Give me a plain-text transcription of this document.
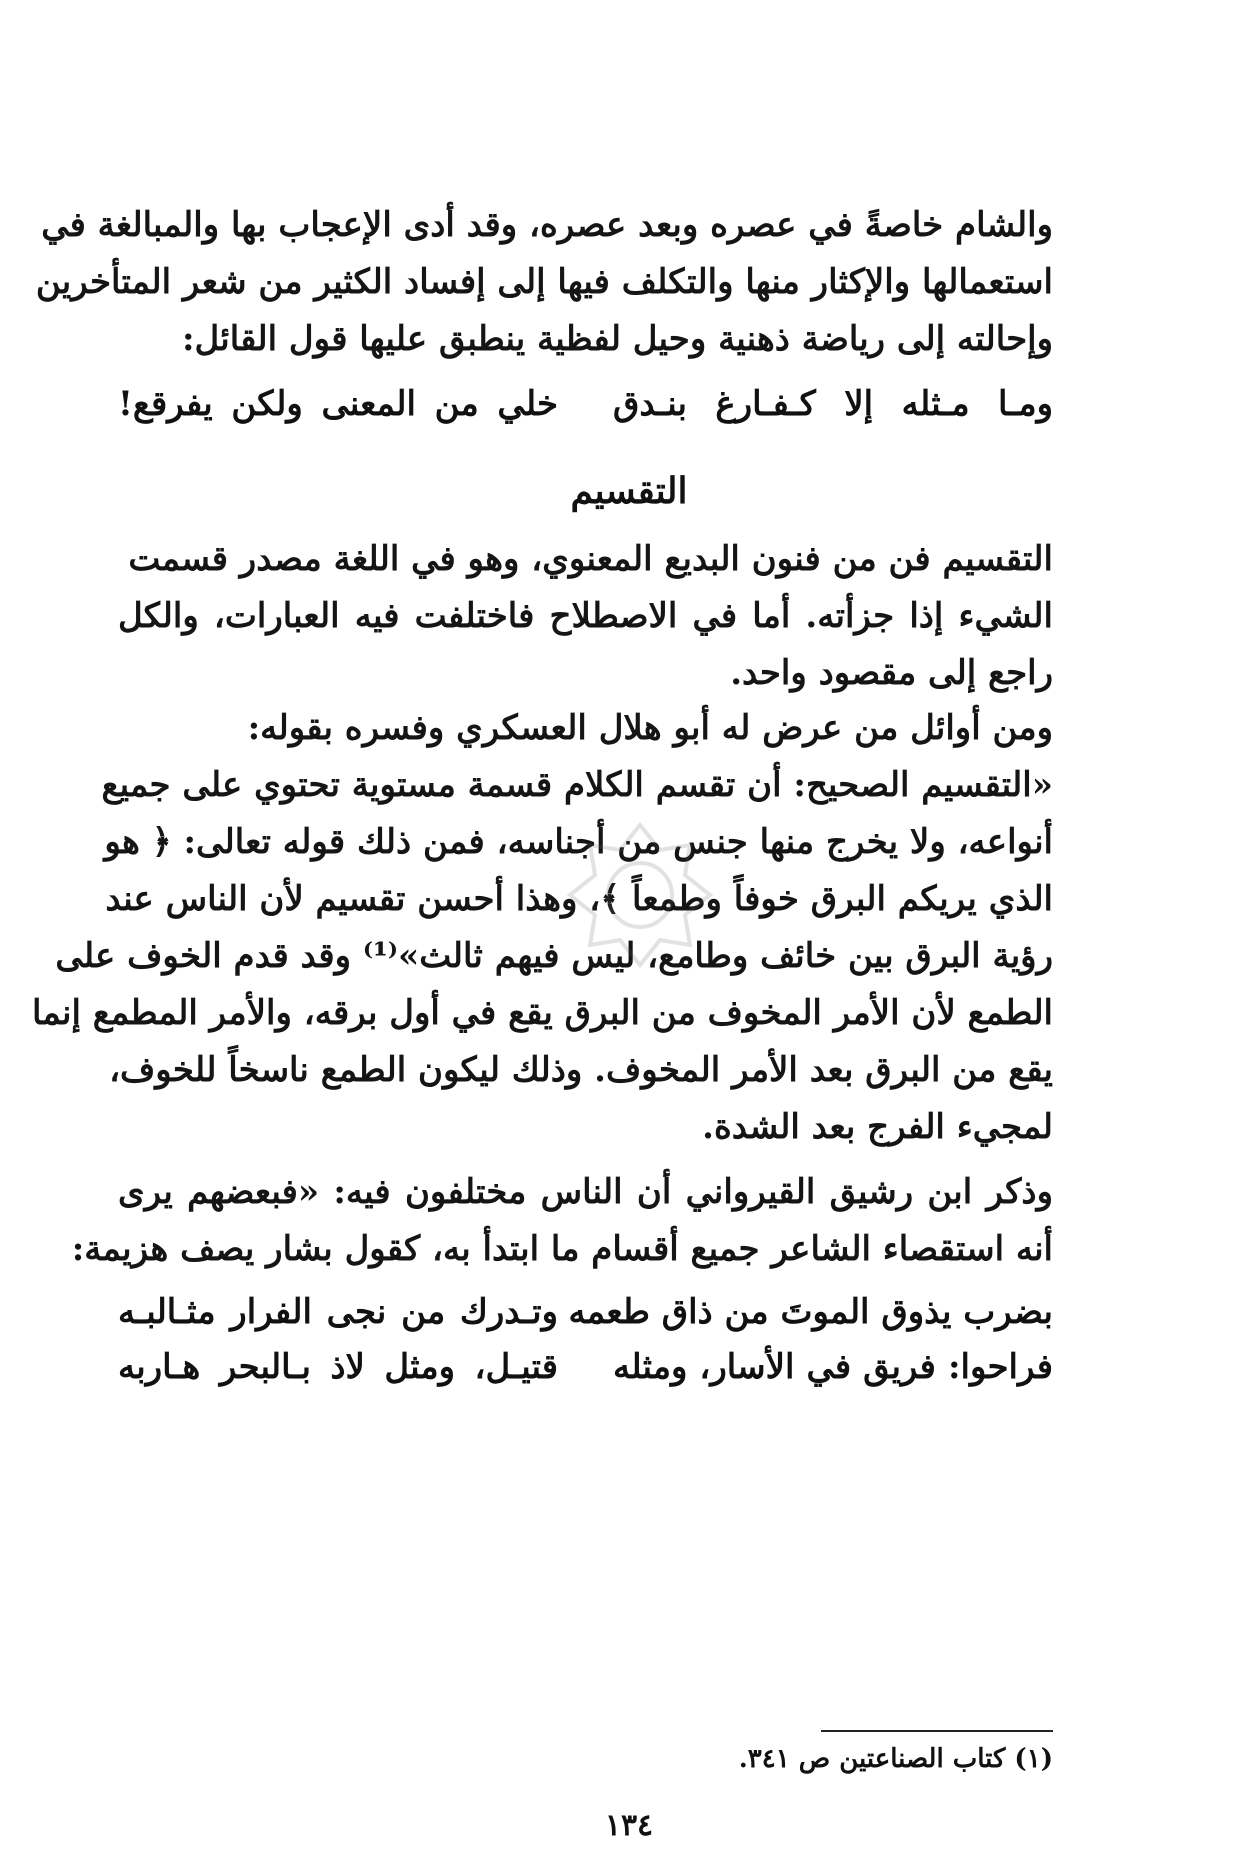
والشام خاصةً في عصره وبعد عصره، وقد أدى الإعجاب بها والمبالغة في
استعمالها والإكثار منها والتكلف فيها إلى إفساد الكثير من شعر المتأخرين
وإحالته إلى رياضة ذهنية وحيل لفظية ينطبق عليها قول القائل:
ومـا مـثله إلا كـفـارغ بنـدق
خلي من المعنى ولكن يفرقع!
التقسيم
التقسيم فن من فنون البديع المعنوي، وهو في اللغة مصدر قسمت
الشيء إذا جزأته. أما في الاصطلاح فاختلفت فيه العبارات، والكل
راجع إلى مقصود واحد.
ومن أوائل من عرض له أبو هلال العسكري وفسره بقوله:
«التقسيم الصحيح: أن تقسم الكلام قسمة مستوية تحتوي على جميع
أنواعه، ولا يخرج منها جنس من أجناسه، فمن ذلك قوله تعالى: ﴿ هو
الذي يريكم البرق خوفاً وطمعاً ﴾، وهذا أحسن تقسيم لأن الناس عند
رؤية البرق بين خائف وطامع، ليس فيهم ثالث»⁽¹⁾ وقد قدم الخوف على
الطمع لأن الأمر المخوف من البرق يقع في أول برقه، والأمر المطمع إنما
يقع من البرق بعد الأمر المخوف. وذلك ليكون الطمع ناسخاً للخوف،
لمجيء الفرج بعد الشدة.
وذكر ابن رشيق القيرواني أن الناس مختلفون فيه: «فبعضهم يرى
أنه استقصاء الشاعر جميع أقسام ما ابتدأ به، كقول بشار يصف هزيمة:
بضرب يذوق الموتَ من ذاق طعمه
وتـدرك من نجى الفرار مثـالبـه
فراحوا: فريق في الأسار، ومثله
قتيـل، ومثل لاذ بـالبحر هـاربه
(١) كتاب الصناعتين ص ٣٤١.
١٣٤
